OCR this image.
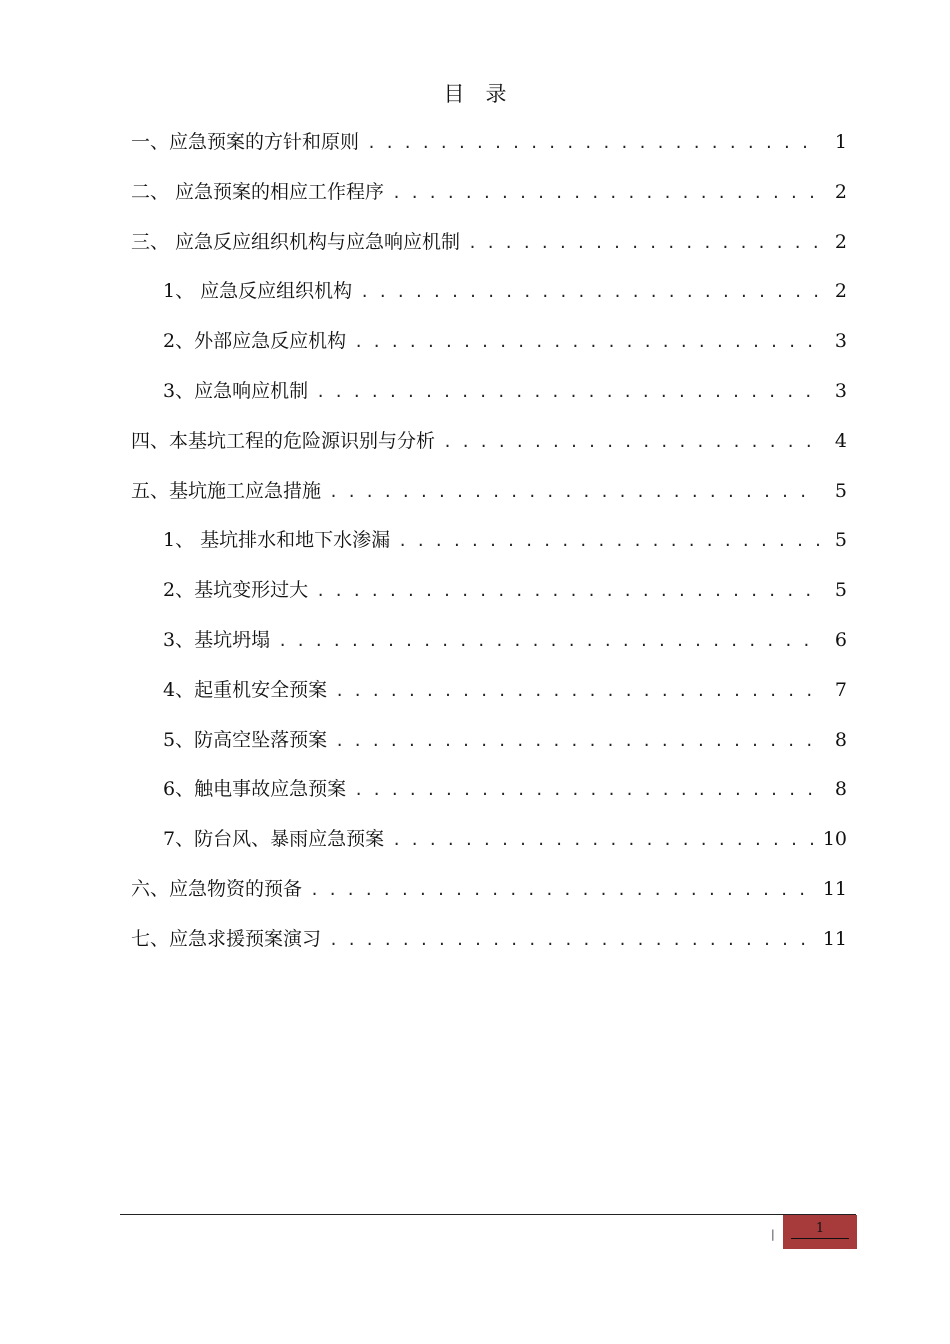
目　录
一、应急预案的方针和原则 . . .	1
二、 应急预案的相应工作程序 . . .	2
三、 应急反应组织机构与应急响应机制 . . .	2
1、 应急反应组织机构 . . .	2
2、外部应急反应机构 . . .	3
3、应急响应机制 . . .	3
四、本基坑工程的危险源识别与分析 . . .	4
五、基坑施工应急措施 . . .	5
1、 基坑排水和地下水渗漏 . . .	5
2、基坑变形过大 . . .	5
3、基坑坍塌 . . .	6
4、起重机安全预案 . . .	7
5、防高空坠落预案 . . .	8
6、触电事故应急预案 . . .	8
7、防台风、暴雨应急预案 . . .	10
六、应急物资的预备 . . .	11
七、应急求援预案演习 . . .	11
|	1
